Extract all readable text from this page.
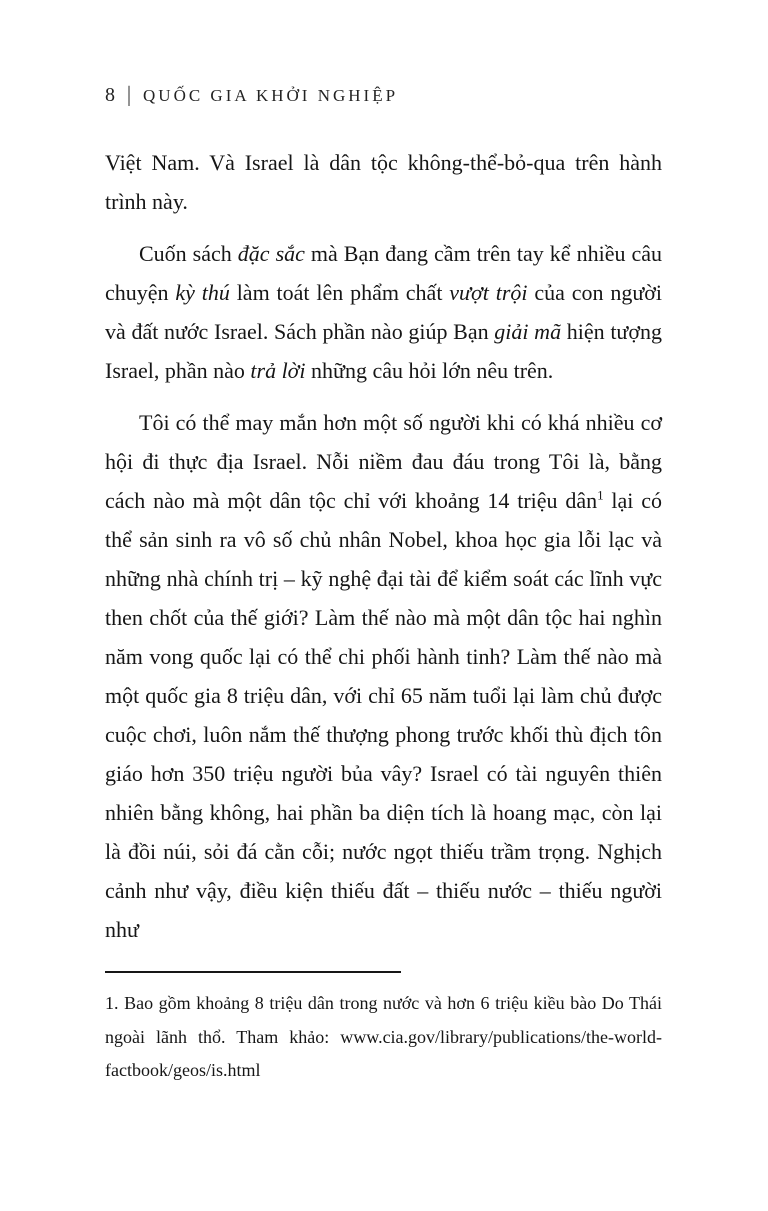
8 | QUỐC GIA KHỞI NGHIỆP

Việt Nam. Và Israel là dân tộc không-thể-bỏ-qua trên hành trình này.

Cuốn sách đặc sắc mà Bạn đang cầm trên tay kể nhiều câu chuyện kỳ thú làm toát lên phẩm chất vượt trội của con người và đất nước Israel. Sách phần nào giúp Bạn giải mã hiện tượng Israel, phần nào trả lời những câu hỏi lớn nêu trên.

Tôi có thể may mắn hơn một số người khi có khá nhiều cơ hội đi thực địa Israel. Nỗi niềm đau đáu trong Tôi là, bằng cách nào mà một dân tộc chỉ với khoảng 14 triệu dân$^1$ lại có thể sản sinh ra vô số chủ nhân Nobel, khoa học gia lỗi lạc và những nhà chính trị – kỹ nghệ đại tài để kiểm soát các lĩnh vực then chốt của thế giới? Làm thế nào mà một dân tộc hai nghìn năm vong quốc lại có thể chi phối hành tinh? Làm thế nào mà một quốc gia 8 triệu dân, với chỉ 65 năm tuổi lại làm chủ được cuộc chơi, luôn nắm thế thượng phong trước khối thù địch tôn giáo hơn 350 triệu người bủa vây? Israel có tài nguyên thiên nhiên bằng không, hai phần ba diện tích là hoang mạc, còn lại là đồi núi, sỏi đá cằn cỗi; nước ngọt thiếu trầm trọng. Nghịch cảnh như vậy, điều kiện thiếu đất – thiếu nước – thiếu người như

1. Bao gồm khoảng 8 triệu dân trong nước và hơn 6 triệu kiều bào Do Thái ngoài lãnh thổ. Tham khảo: www.cia.gov/library/publications/the-world-factbook/geos/is.html
